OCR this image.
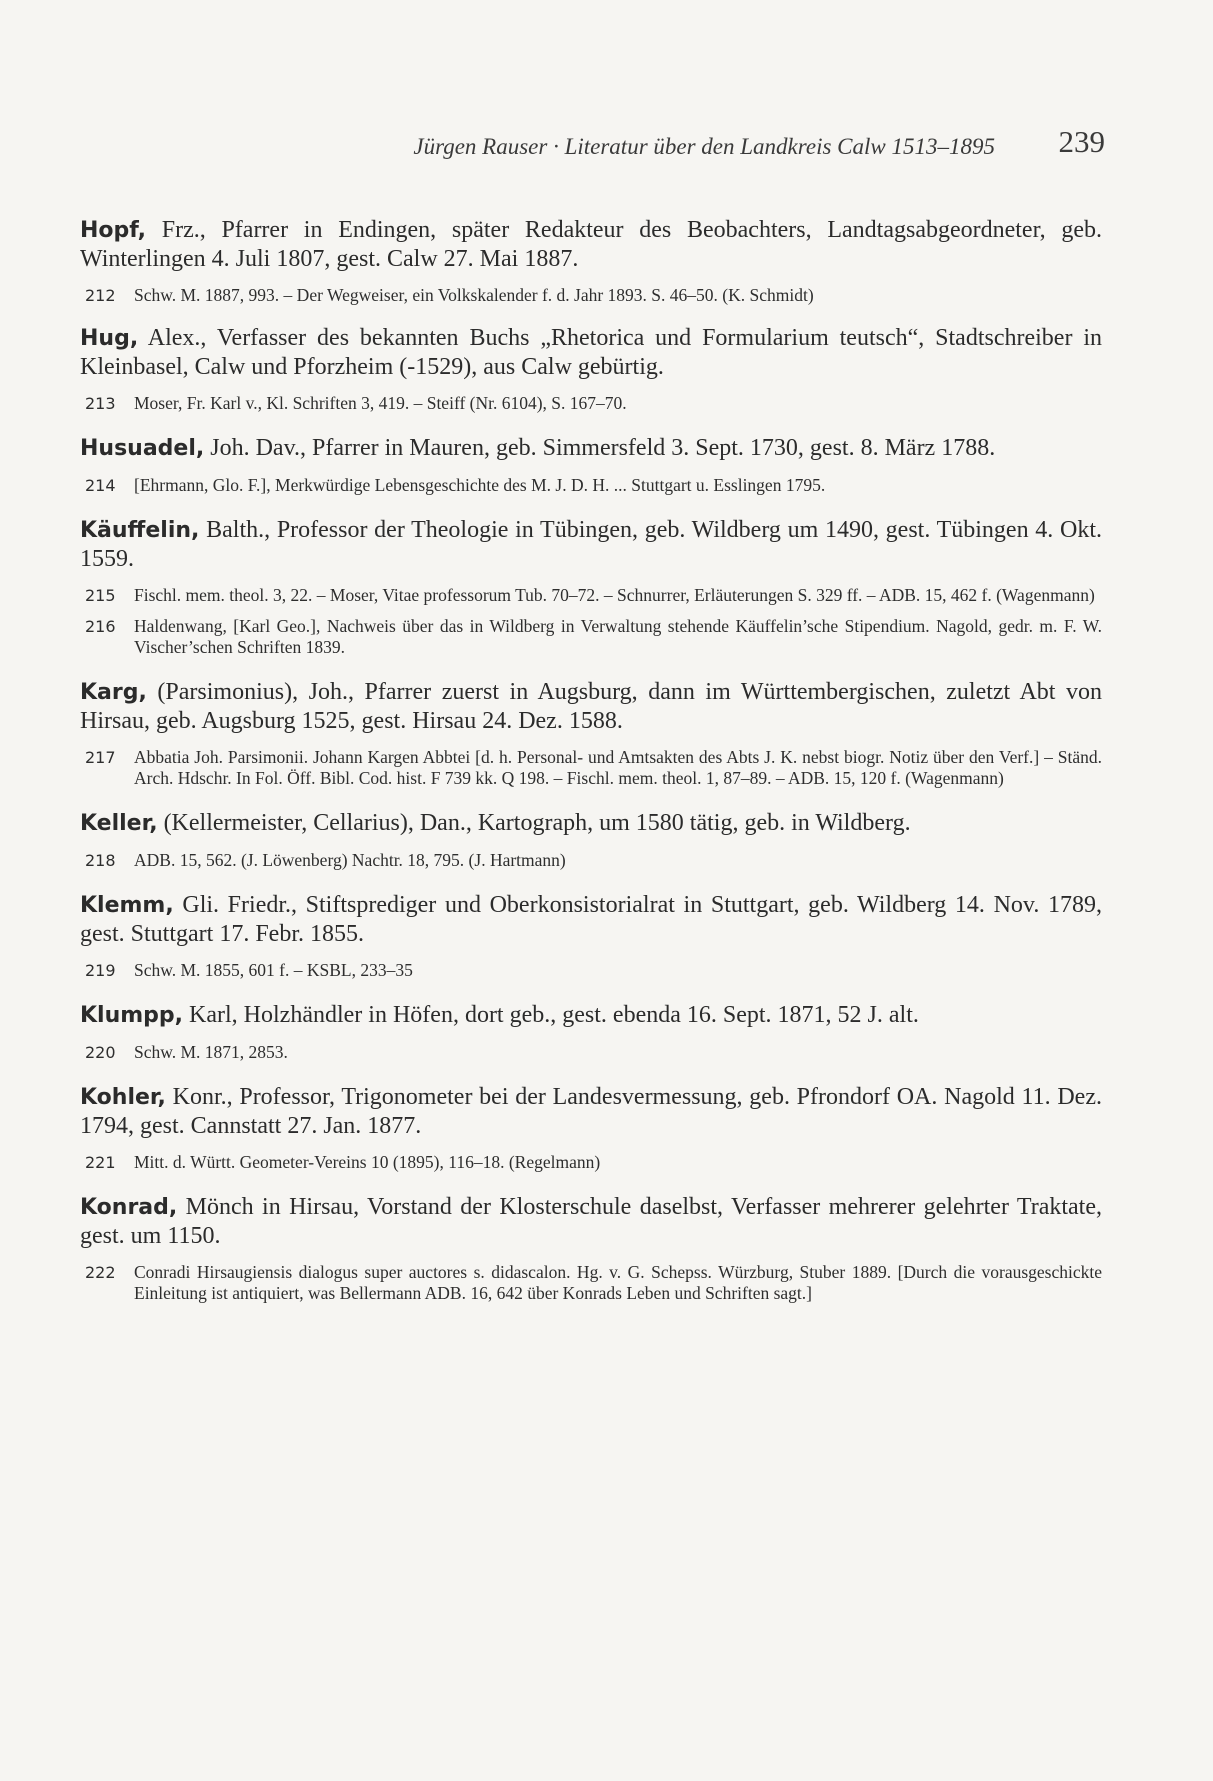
Jürgen Rauser · Literatur über den Landkreis Calw 1513–1895 239

Hopf, Frz., Pfarrer in Endingen, später Redakteur des Beobachters, Landtagsabgeordneter, geb. Winterlingen 4. Juli 1807, gest. Calw 27. Mai 1887.

212 Schw. M. 1887, 993. – Der Wegweiser, ein Volkskalender f. d. Jahr 1893. S. 46–50. (K. Schmidt)

Hug, Alex., Verfasser des bekannten Buchs „Rhetorica und Formularium teutsch“, Stadtschreiber in Kleinbasel, Calw und Pforzheim (-1529), aus Calw gebürtig.

213 Moser, Fr. Karl v., Kl. Schriften 3, 419. – Steiff (Nr. 6104), S. 167–70.

Husuadel, Joh. Dav., Pfarrer in Mauren, geb. Simmersfeld 3. Sept. 1730, gest. 8. März 1788.

214 [Ehrmann, Glo. F.], Merkwürdige Lebensgeschichte des M. J. D. H. ... Stuttgart u. Esslingen 1795.

Käuffelin, Balth., Professor der Theologie in Tübingen, geb. Wildberg um 1490, gest. Tübingen 4. Okt. 1559.

215 Fischl. mem. theol. 3, 22. – Moser, Vitae professorum Tub. 70–72. – Schnurrer, Erläuterungen S. 329 ff. – ADB. 15, 462 f. (Wagenmann)
216 Haldenwang, [Karl Geo.], Nachweis über das in Wildberg in Verwaltung stehende Käuffelin’sche Stipendium. Nagold, gedr. m. F. W. Vischer’schen Schriften 1839.

Karg, (Parsimonius), Joh., Pfarrer zuerst in Augsburg, dann im Württembergischen, zuletzt Abt von Hirsau, geb. Augsburg 1525, gest. Hirsau 24. Dez. 1588.

217 Abbatia Joh. Parsimonii. Johann Kargen Abbtei [d. h. Personal- und Amtsakten des Abts J. K. nebst biogr. Notiz über den Verf.] – Ständ. Arch. Hdschr. In Fol. Öff. Bibl. Cod. hist. F 739 kk. Q 198. – Fischl. mem. theol. 1, 87–89. – ADB. 15, 120 f. (Wagenmann)

Keller, (Kellermeister, Cellarius), Dan., Kartograph, um 1580 tätig, geb. in Wildberg.

218 ADB. 15, 562. (J. Löwenberg) Nachtr. 18, 795. (J. Hartmann)

Klemm, Gli. Friedr., Stiftsprediger und Oberkonsistorialrat in Stuttgart, geb. Wildberg 14. Nov. 1789, gest. Stuttgart 17. Febr. 1855.

219 Schw. M. 1855, 601 f. – KSBL, 233–35

Klumpp, Karl, Holzhändler in Höfen, dort geb., gest. ebenda 16. Sept. 1871, 52 J. alt.

220 Schw. M. 1871, 2853.

Kohler, Konr., Professor, Trigonometer bei der Landesvermessung, geb. Pfrondorf OA. Nagold 11. Dez. 1794, gest. Cannstatt 27. Jan. 1877.

221 Mitt. d. Württ. Geometer-Vereins 10 (1895), 116–18. (Regelmann)

Konrad, Mönch in Hirsau, Vorstand der Klosterschule daselbst, Verfasser mehrerer gelehrter Traktate, gest. um 1150.

222 Conradi Hirsaugiensis dialogus super auctores s. didascalon. Hg. v. G. Schepss. Würzburg, Stuber 1889. [Durch die vorausgeschickte Einleitung ist antiquiert, was Bellermann ADB. 16, 642 über Konrads Leben und Schriften sagt.]
